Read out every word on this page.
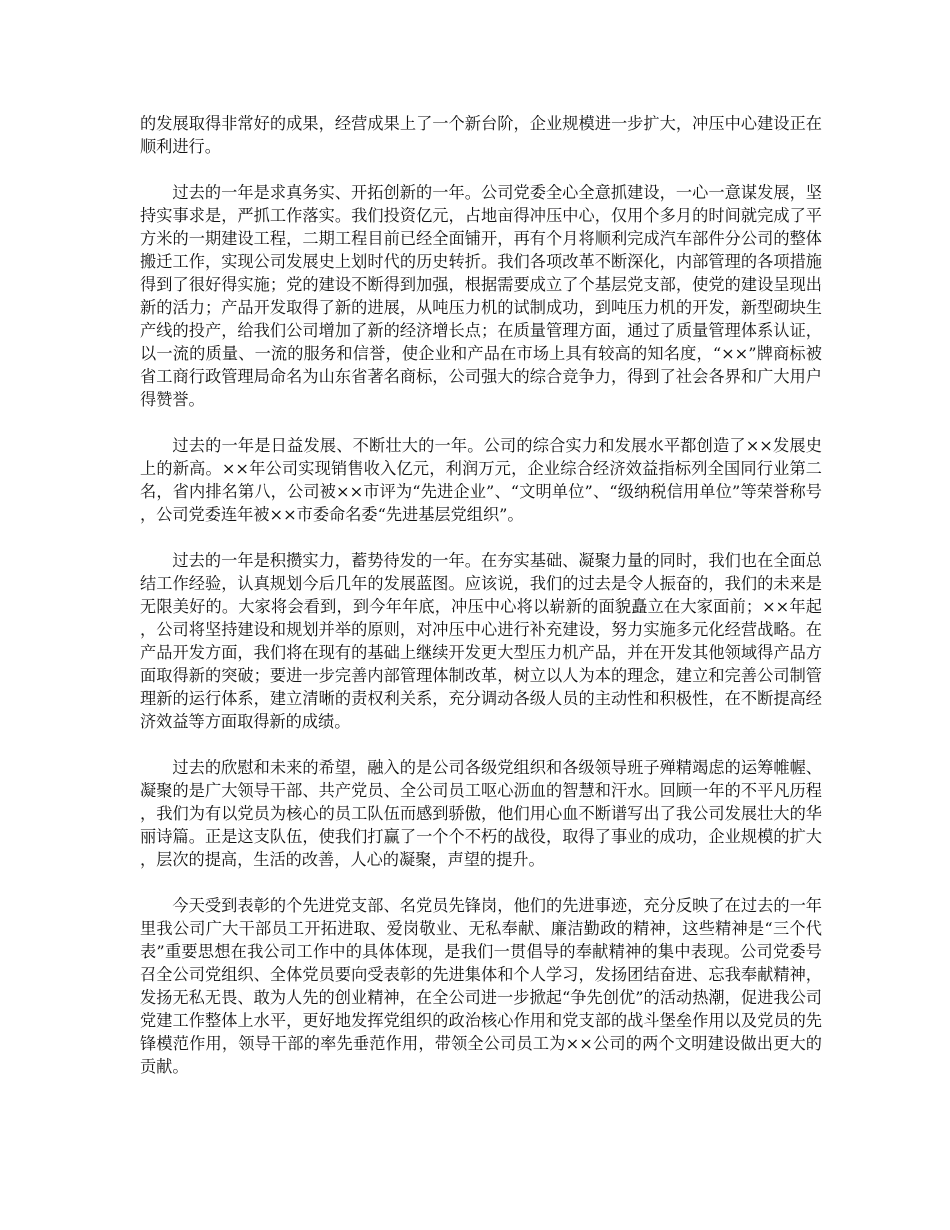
的发展取得非常好的成果，经营成果上了一个新台阶，企业规模进一步扩大，冲压中心建设正在顺利进行。

过去的一年是求真务实、开拓创新的一年。公司党委全心全意抓建设，一心一意谋发展，坚持实事求是，严抓工作落实。我们投资亿元，占地亩得冲压中心，仅用个多月的时间就完成了平方米的一期建设工程，二期工程目前已经全面铺开，再有个月将顺利完成汽车部件分公司的整体搬迁工作，实现公司发展史上划时代的历史转折。我们各项改革不断深化，内部管理的各项措施得到了很好得实施；党的建设不断得到加强，根据需要成立了个基层党支部，使党的建设呈现出新的活力；产品开发取得了新的进展，从吨压力机的试制成功，到吨压力机的开发，新型砌块生产线的投产，给我们公司增加了新的经济增长点；在质量管理方面，通过了质量管理体系认证，以一流的质量、一流的服务和信誉，使企业和产品在市场上具有较高的知名度，“××”牌商标被省工商行政管理局命名为山东省著名商标，公司强大的综合竞争力，得到了社会各界和广大用户得赞誉。

过去的一年是日益发展、不断壮大的一年。公司的综合实力和发展水平都创造了××发展史上的新高。××年公司实现销售收入亿元，利润万元，企业综合经济效益指标列全国同行业第二名，省内排名第八，公司被××市评为“先进企业”、“文明单位”、“级纳税信用单位”等荣誉称号，公司党委连年被××市委命名委“先进基层党组织”。

过去的一年是积攒实力，蓄势待发的一年。在夯实基础、凝聚力量的同时，我们也在全面总结工作经验，认真规划今后几年的发展蓝图。应该说，我们的过去是令人振奋的，我们的未来是无限美好的。大家将会看到，到今年年底，冲压中心将以崭新的面貌矗立在大家面前；××年起，公司将坚持建设和规划并举的原则，对冲压中心进行补充建设，努力实施多元化经营战略。在产品开发方面，我们将在现有的基础上继续开发更大型压力机产品，并在开发其他领域得产品方面取得新的突破；要进一步完善内部管理体制改革，树立以人为本的理念，建立和完善公司制管理新的运行体系，建立清晰的责权利关系，充分调动各级人员的主动性和积极性，在不断提高经济效益等方面取得新的成绩。

过去的欣慰和未来的希望，融入的是公司各级党组织和各级领导班子殚精竭虑的运筹帷幄、凝聚的是广大领导干部、共产党员、全公司员工呕心沥血的智慧和汗水。回顾一年的不平凡历程，我们为有以党员为核心的员工队伍而感到骄傲，他们用心血不断谱写出了我公司发展壮大的华丽诗篇。正是这支队伍，使我们打赢了一个个不朽的战役，取得了事业的成功，企业规模的扩大，层次的提高，生活的改善，人心的凝聚，声望的提升。

今天受到表彰的个先进党支部、名党员先锋岗，他们的先进事迹，充分反映了在过去的一年里我公司广大干部员工开拓进取、爱岗敬业、无私奉献、廉洁勤政的精神，这些精神是“三个代表”重要思想在我公司工作中的具体体现，是我们一贯倡导的奉献精神的集中表现。公司党委号召全公司党组织、全体党员要向受表彰的先进集体和个人学习，发扬团结奋进、忘我奉献精神，发扬无私无畏、敢为人先的创业精神，在全公司进一步掀起“争先创优”的活动热潮，促进我公司党建工作整体上水平，更好地发挥党组织的政治核心作用和党支部的战斗堡垒作用以及党员的先锋模范作用，领导干部的率先垂范作用，带领全公司员工为××公司的两个文明建设做出更大的贡献。
